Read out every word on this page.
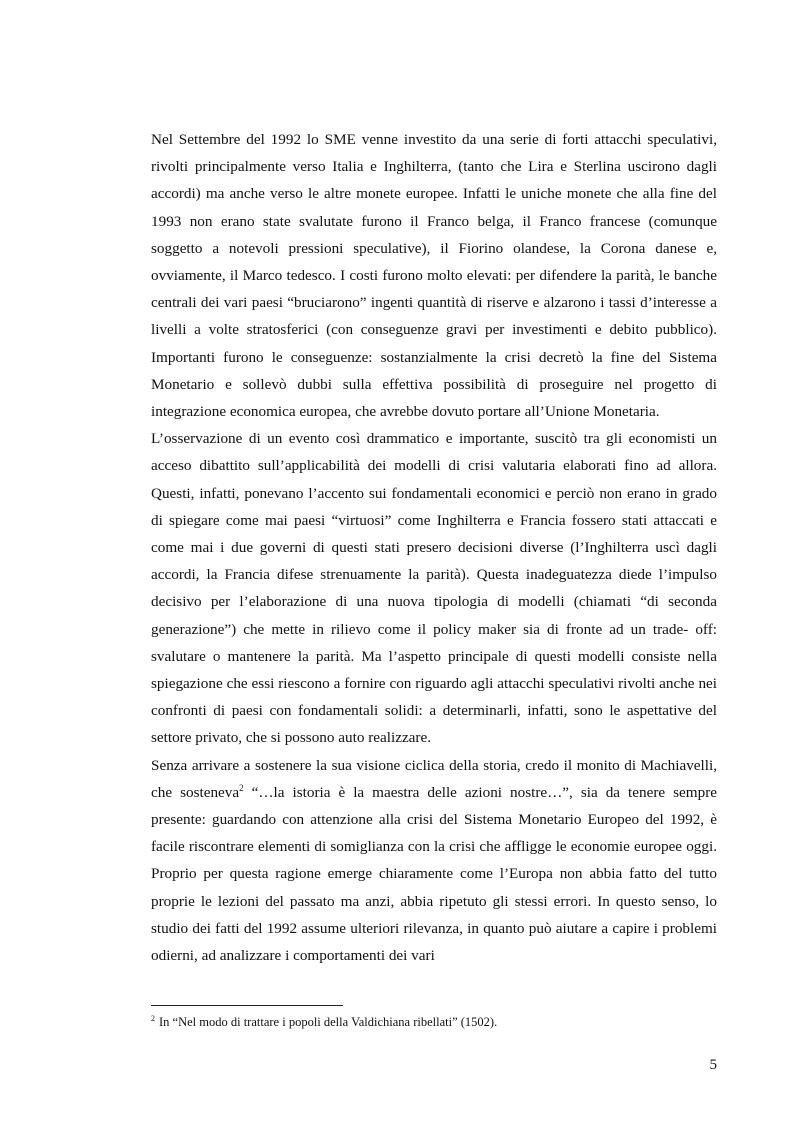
Nel Settembre del 1992 lo SME venne investito da una serie di forti attacchi speculativi, rivolti principalmente verso Italia e Inghilterra, (tanto che Lira e Sterlina uscirono dagli accordi) ma anche verso le altre monete europee. Infatti le uniche monete che alla fine del 1993 non erano state svalutate furono il Franco belga, il Franco francese (comunque soggetto a notevoli pressioni speculative), il Fiorino olandese, la Corona danese e, ovviamente, il Marco tedesco. I costi furono molto elevati: per difendere la parità, le banche centrali dei vari paesi “bruciarono” ingenti quantità di riserve e alzarono i tassi d’interesse a livelli a volte stratosferici (con conseguenze gravi per investimenti e debito pubblico). Importanti furono le conseguenze: sostanzialmente la crisi decretò la fine del Sistema Monetario e sollevò dubbi sulla effettiva possibilità di proseguire nel progetto di integrazione economica europea, che avrebbe dovuto portare all’Unione Monetaria.

L’osservazione di un evento così drammatico e importante, suscitò tra gli economisti un acceso dibattito sull’applicabilità dei modelli di crisi valutaria elaborati fino ad allora. Questi, infatti, ponevano l’accento sui fondamentali economici e perciò non erano in grado di spiegare come mai paesi “virtuosi” come Inghilterra e Francia fossero stati attaccati e come mai i due governi di questi stati presero decisioni diverse (l’Inghilterra uscì dagli accordi, la Francia difese strenuamente la parità). Questa inadeguatezza diede l’impulso decisivo per l’elaborazione di una nuova tipologia di modelli (chiamati “di seconda generazione”) che mette in rilievo come il policy maker sia di fronte ad un trade- off: svalutare o mantenere la parità. Ma l’aspetto principale di questi modelli consiste nella spiegazione che essi riescono a fornire con riguardo agli attacchi speculativi rivolti anche nei confronti di paesi con fondamentali solidi: a determinarli, infatti, sono le aspettative del settore privato, che si possono auto realizzare.

Senza arrivare a sostenere la sua visione ciclica della storia, credo il monito di Machiavelli, che sosteneva$^2$ “…la istoria è la maestra delle azioni nostre…”, sia da tenere sempre presente: guardando con attenzione alla crisi del Sistema Monetario Europeo del 1992, è facile riscontrare elementi di somiglianza con la crisi che affligge le economie europee oggi. Proprio per questa ragione emerge chiaramente come l’Europa non abbia fatto del tutto proprie le lezioni del passato ma anzi, abbia ripetuto gli stessi errori. In questo senso, lo studio dei fatti del 1992 assume ulteriori rilevanza, in quanto può aiutare a capire i problemi odierni, ad analizzare i comportamenti dei vari

$^2$ In “Nel modo di trattare i popoli della Valdichiana ribellati” (1502).

5
